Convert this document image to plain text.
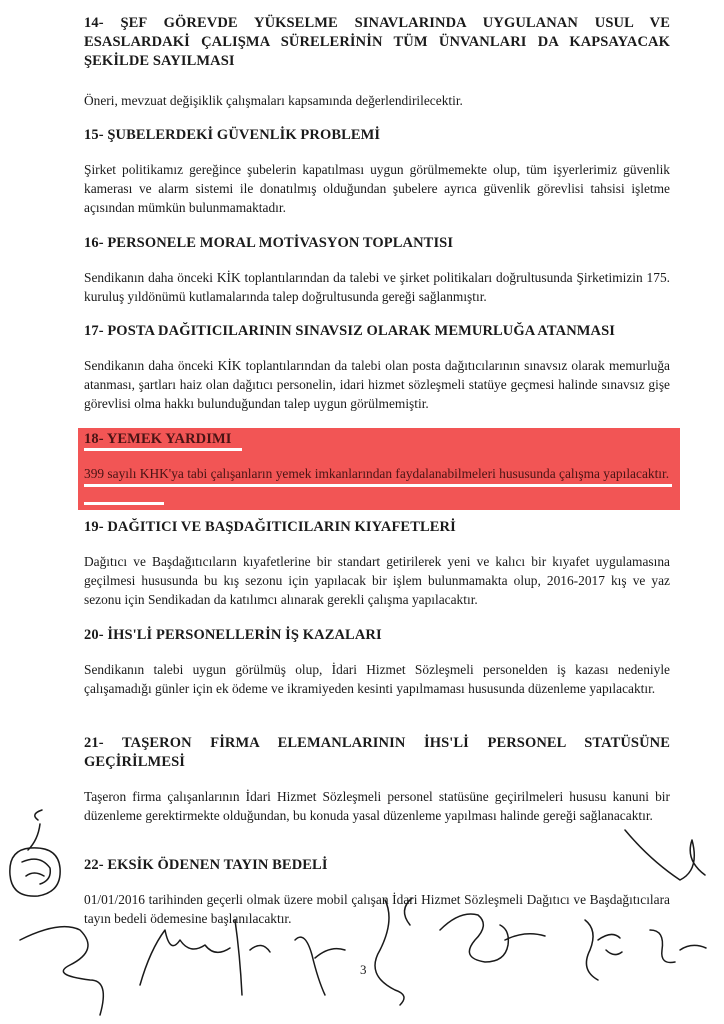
14- ŞEF GÖREVDE YÜKSELME SINAVLARINDA UYGULANAN USUL VE ESASLARDAKİ ÇALIŞMA SÜRELERİNİN TÜM ÜNVANLARI DA KAPSAYACAK ŞEKİLDE SAYILMASI

Öneri, mevzuat değişiklik çalışmaları kapsamında değerlendirilecektir.

15- ŞUBELERDEKİ GÜVENLİK PROBLEMİ

Şirket politikamız gereğince şubelerin kapatılması uygun görülmemekte olup, tüm işyerlerimiz güvenlik kamerası ve alarm sistemi ile donatılmış olduğundan şubelere ayrıca güvenlik görevlisi tahsisi işletme açısından mümkün bulunmamaktadır.

16- PERSONELE MORAL MOTİVASYON TOPLANTISI

Sendikanın daha önceki KİK toplantılarından da talebi ve şirket politikaları doğrultusunda Şirketimizin 175. kuruluş yıldönümü kutlamalarında talep doğrultusunda gereği sağlanmıştır.

17- POSTA DAĞITICILARININ SINAVSIZ OLARAK MEMURLUĞA ATANMASI

Sendikanın daha önceki KİK toplantılarından da talebi olan posta dağıtıcılarının sınavsız olarak memurluğa atanması, şartları haiz olan dağıtıcı personelin, idari hizmet sözleşmeli statüye geçmesi halinde sınavsız gişe görevlisi olma hakkı bulunduğundan talep uygun görülmemiştir.

18- YEMEK YARDIMI

399 sayılı KHK'ya tabi çalışanların yemek imkanlarından faydalanabilmeleri hususunda çalışma yapılacaktır.

19- DAĞITICI VE BAŞDAĞITICILARIN KIYAFETLERİ

Dağıtıcı ve Başdağıtıcıların kıyafetlerine bir standart getirilerek yeni ve kalıcı bir kıyafet uygulamasına geçilmesi hususunda bu kış sezonu için yapılacak bir işlem bulunmamakta olup, 2016-2017 kış ve yaz sezonu için Sendikadan da katılımcı alınarak gerekli çalışma yapılacaktır.

20- İHS'Lİ PERSONELLERİN İŞ KAZALARI

Sendikanın talebi uygun görülmüş olup, İdari Hizmet Sözleşmeli personelden iş kazası nedeniyle çalışamadığı günler için ek ödeme ve ikramiyeden kesinti yapılmaması hususunda düzenleme yapılacaktır.

21- TAŞERON FİRMA ELEMANLARININ İHS'Lİ PERSONEL STATÜSÜNE GEÇİRİLMESİ

Taşeron firma çalışanlarının İdari Hizmet Sözleşmeli personel statüsüne geçirilmeleri hususu kanuni bir düzenleme gerektirmekte olduğundan, bu konuda yasal düzenleme yapılması halinde gereği sağlanacaktır.

22- EKSİK ÖDENEN TAYIN BEDELİ

01/01/2016 tarihinden geçerli olmak üzere mobil çalışan İdari Hizmet Sözleşmeli Dağıtıcı ve Başdağıtıcılara tayın bedeli ödemesine başlanılacaktır.

3
